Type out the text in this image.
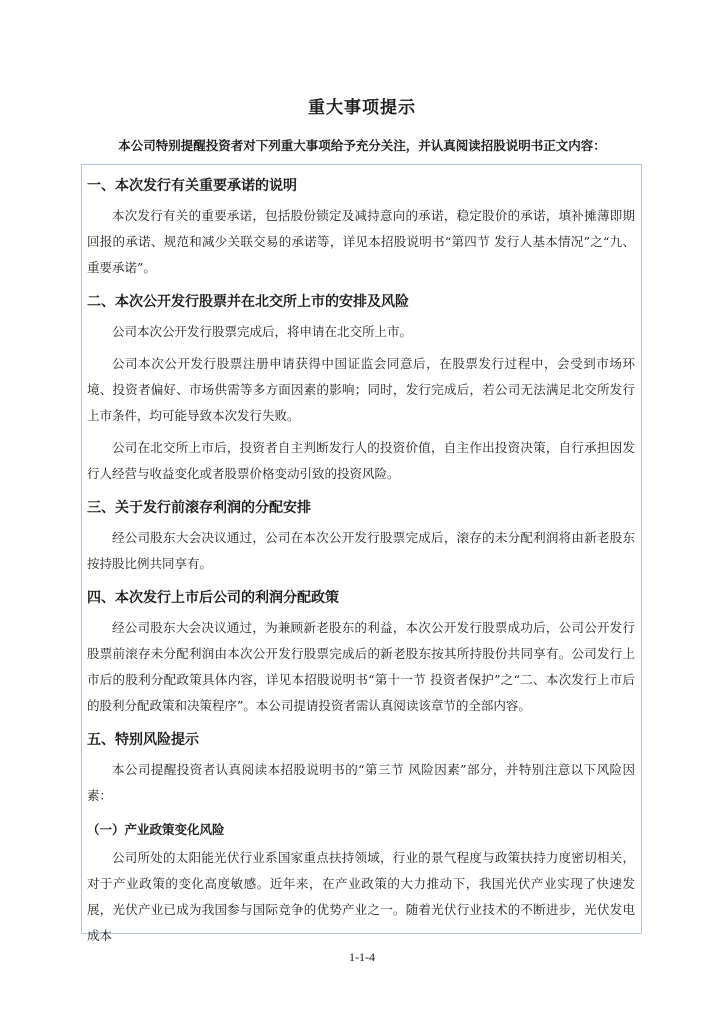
重大事项提示
本公司特别提醒投资者对下列重大事项给予充分关注，并认真阅读招股说明书正文内容：
一、本次发行有关重要承诺的说明

本次发行有关的重要承诺，包括股份锁定及减持意向的承诺，稳定股价的承诺，填补摊薄即期回报的承诺、规范和减少关联交易的承诺等，详见本招股说明书“第四节 发行人基本情况”之“九、重要承诺”。

二、本次公开发行股票并在北交所上市的安排及风险

公司本次公开发行股票完成后，将申请在北交所上市。

公司本次公开发行股票注册申请获得中国证监会同意后，在股票发行过程中，会受到市场环境、投资者偏好、市场供需等多方面因素的影响；同时，发行完成后，若公司无法满足北交所发行上市条件，均可能导致本次发行失败。

公司在北交所上市后，投资者自主判断发行人的投资价值，自主作出投资决策，自行承担因发行人经营与收益变化或者股票价格变动引致的投资风险。

三、关于发行前滚存利润的分配安排

经公司股东大会决议通过，公司在本次公开发行股票完成后，滚存的未分配利润将由新老股东按持股比例共同享有。

四、本次发行上市后公司的利润分配政策

经公司股东大会决议通过，为兼顾新老股东的利益，本次公开发行股票成功后，公司公开发行股票前滚存未分配利润由本次公开发行股票完成后的新老股东按其所持股份共同享有。公司发行上市后的股利分配政策具体内容，详见本招股说明书“第十一节 投资者保护”之“二、本次发行上市后的股利分配政策和决策程序”。本公司提请投资者需认真阅读该章节的全部内容。

五、特别风险提示

本公司提醒投资者认真阅读本招股说明书的“第三节 风险因素”部分，并特别注意以下风险因素：

（一）产业政策变化风险

公司所处的太阳能光伏行业系国家重点扶持领域，行业的景气程度与政策扶持力度密切相关，对于产业政策的变化高度敏感。近年来，在产业政策的大力推动下，我国光伏产业实现了快速发展，光伏产业已成为我国参与国际竞争的优势产业之一。随着光伏行业技术的不断进步，光伏发电成本

1-1-4
